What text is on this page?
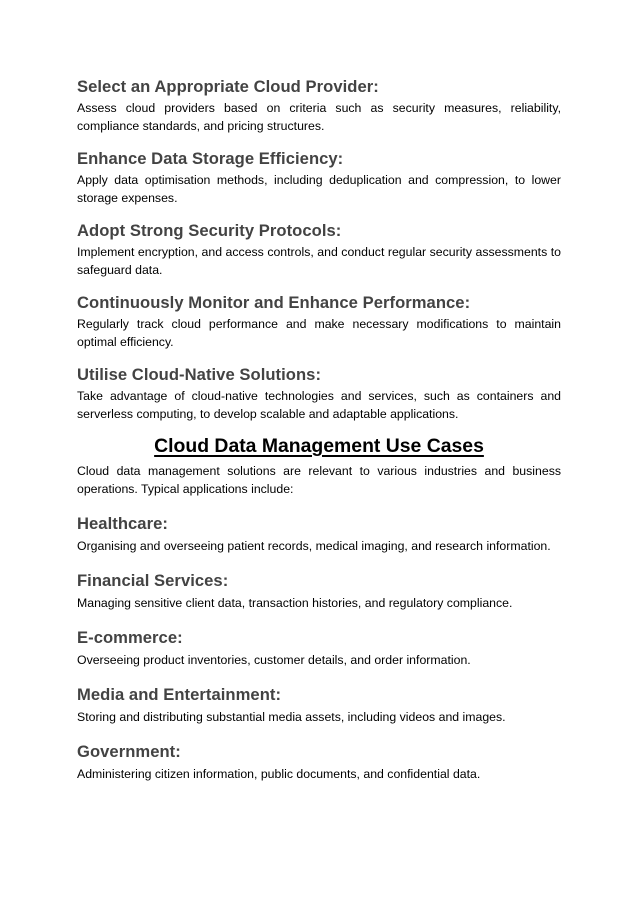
Select an Appropriate Cloud Provider:

Assess cloud providers based on criteria such as security measures, reliability, compliance standards, and pricing structures.

Enhance Data Storage Efficiency:

Apply data optimisation methods, including deduplication and compression, to lower storage expenses.

Adopt Strong Security Protocols:

Implement encryption, and access controls, and conduct regular security assessments to safeguard data.

Continuously Monitor and Enhance Performance:

Regularly track cloud performance and make necessary modifications to maintain optimal efficiency.

Utilise Cloud-Native Solutions:

Take advantage of cloud-native technologies and services, such as containers and serverless computing, to develop scalable and adaptable applications.

Cloud Data Management Use Cases

Cloud data management solutions are relevant to various industries and business operations. Typical applications include:

Healthcare:

Organising and overseeing patient records, medical imaging, and research information.

Financial Services:

Managing sensitive client data, transaction histories, and regulatory compliance.

E-commerce:

Overseeing product inventories, customer details, and order information.

Media and Entertainment:

Storing and distributing substantial media assets, including videos and images.

Government:

Administering citizen information, public documents, and confidential data.
